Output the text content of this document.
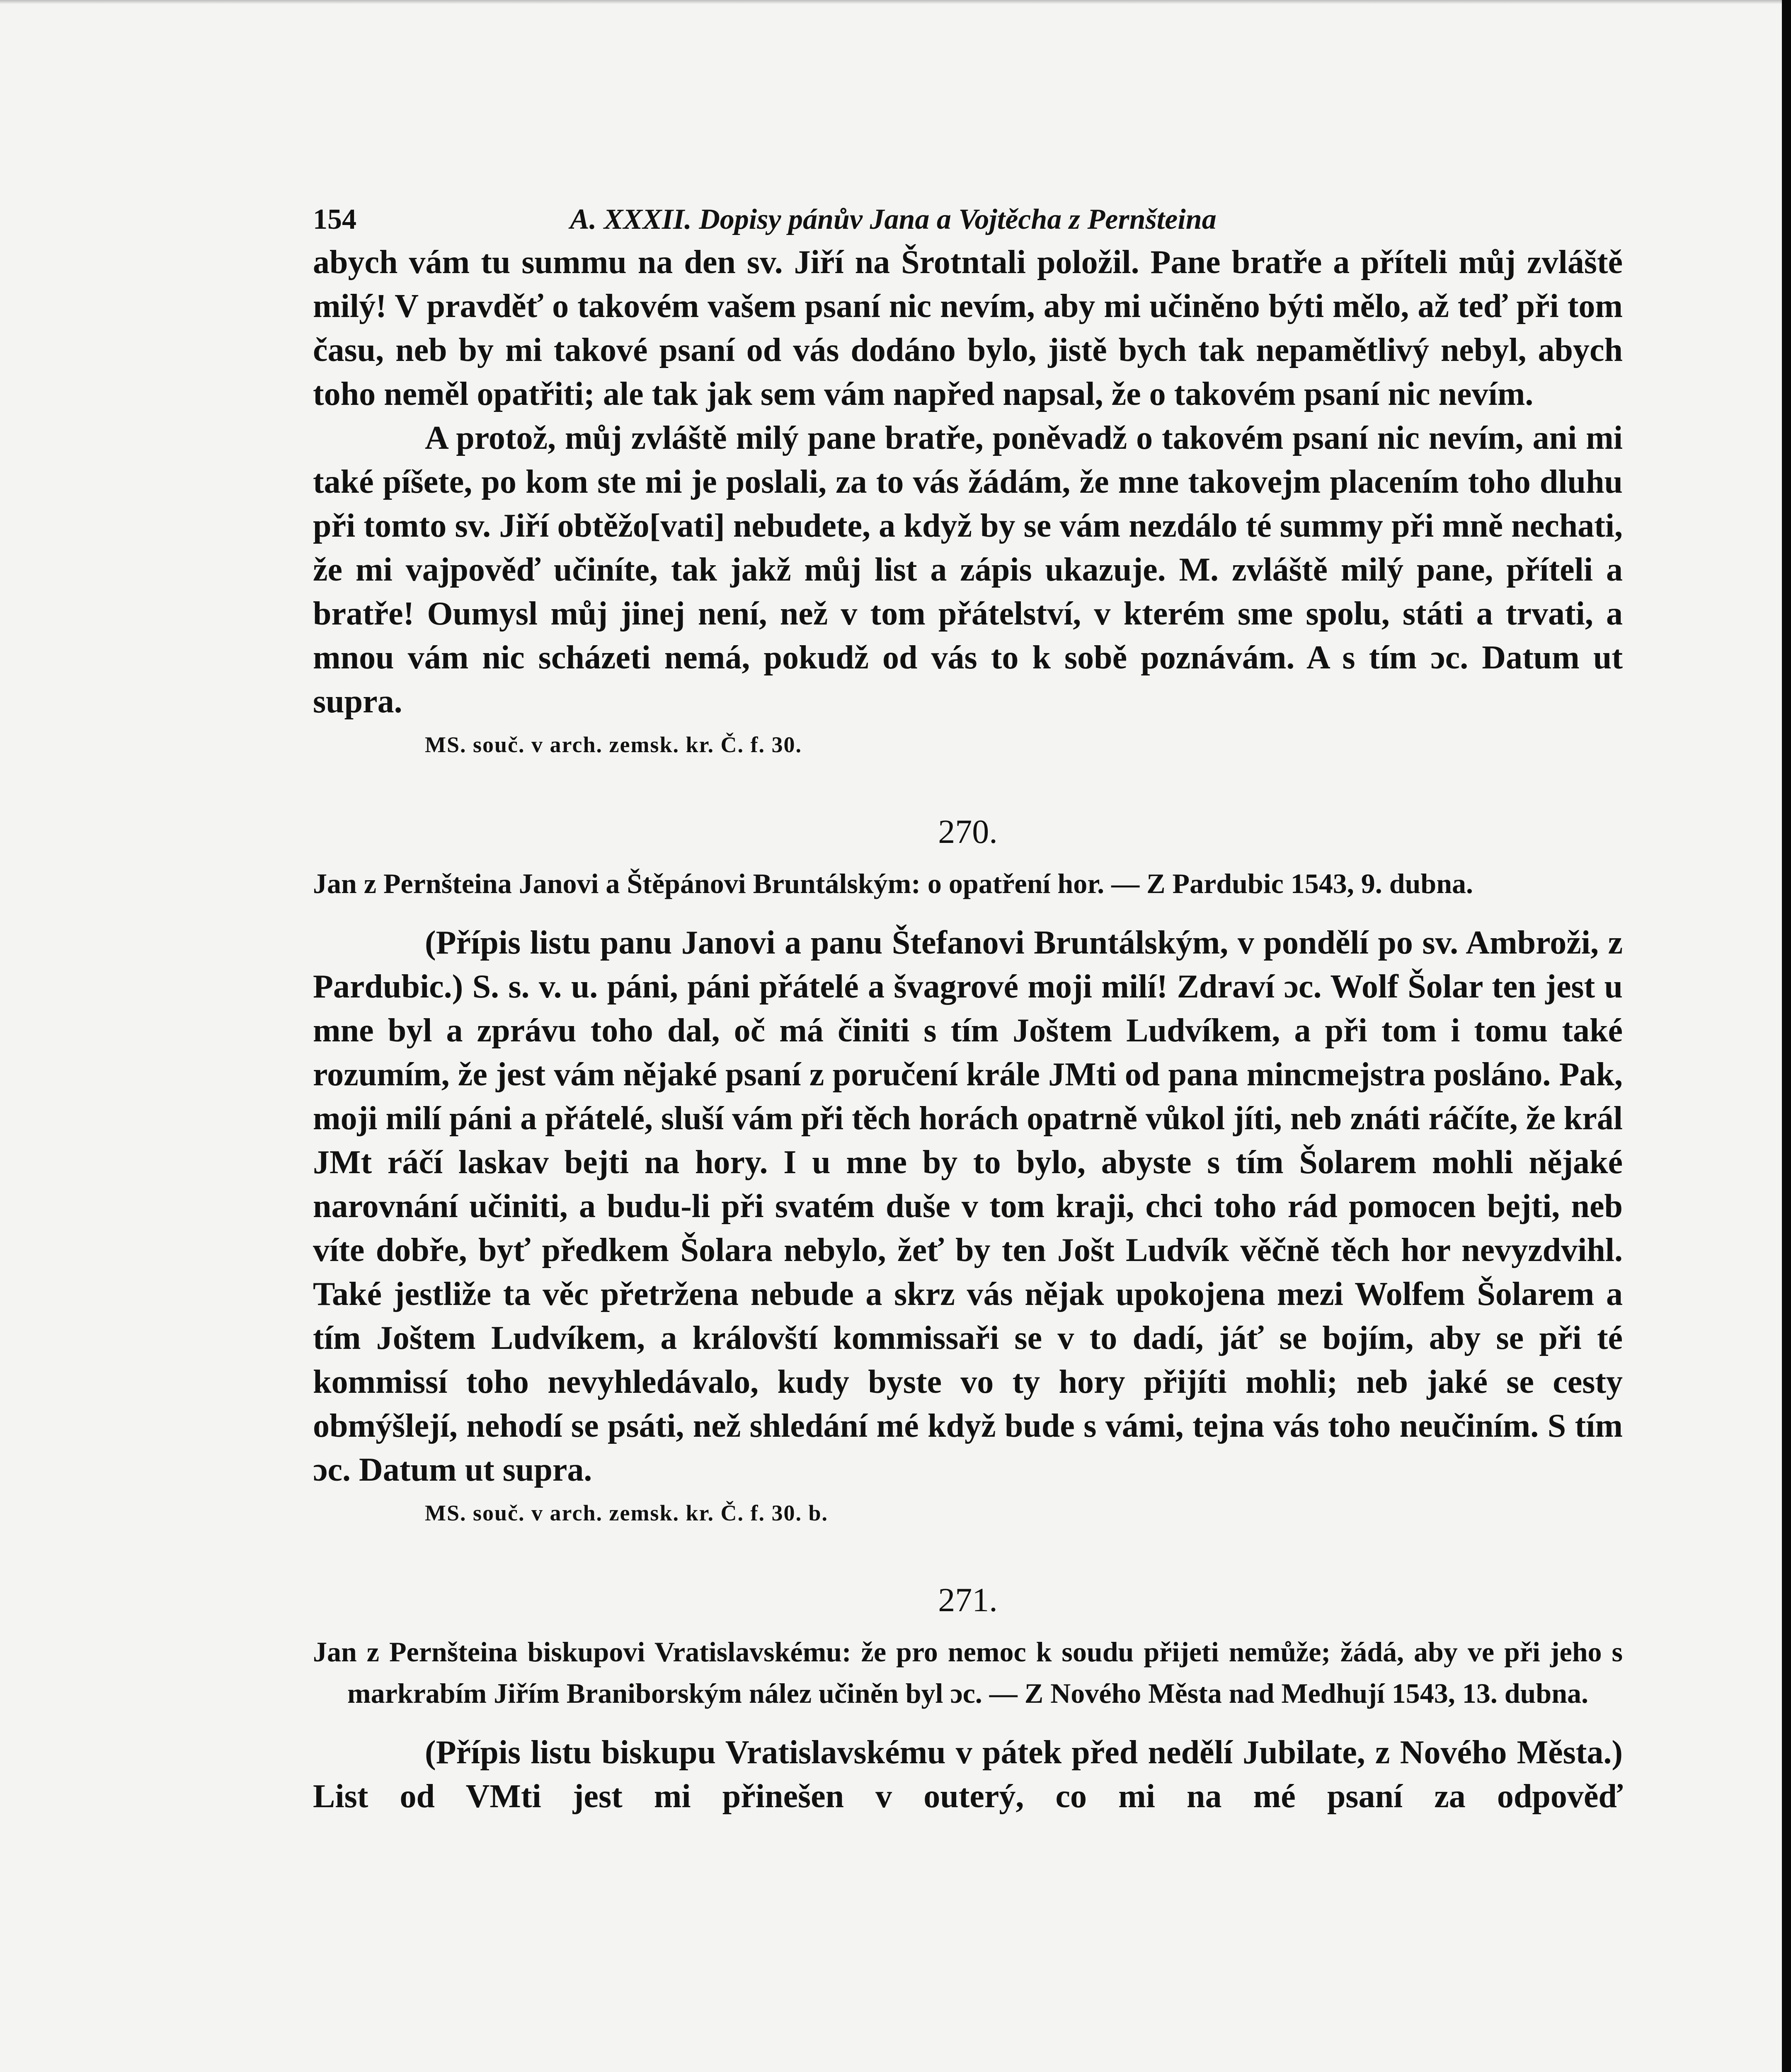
154	A. XXXII. Dopisy pánův Jana a Vojtěcha z Pernšteina

abych vám tu summu na den sv. Jiří na Šrotntali položil. Pane bratře a příteli můj zvláště milý! V pravděť o takovém vašem psaní nic nevím, aby mi učiněno býti mělo, až teď při tom času, neb by mi takové psaní od vás dodáno bylo, jistě bych tak nepamětlivý nebyl, abych toho neměl opatřiti; ale tak jak sem vám napřed napsal, že o takovém psaní nic nevím.

A protož, můj zvláště milý pane bratře, poněvadž o takovém psaní nic nevím, ani mi také píšete, po kom ste mi je poslali, za to vás žádám, že mne takovejm placením toho dluhu při tomto sv. Jiří obtěžo[vati] nebudete, a když by se vám nezdálo té summy při mně nechati, že mi vajpověď učiníte, tak jakž můj list a zápis ukazuje. M. zvláště milý pane, příteli a bratře! Oumysl můj jinej není, než v tom přátelství, v kterém sme spolu, státi a trvati, a mnou vám nic scházeti nemá, pokudž od vás to k sobě poznávám. A s tím ɔc. Datum ut supra.

MS. souč. v arch. zemsk. kr. Č. f. 30.
270.

Jan z Pernšteina Janovi a Štěpánovi Bruntálským: o opatření hor. — Z Pardubic 1543, 9. dubna.

(Přípis listu panu Janovi a panu Štefanovi Bruntálským, v pondělí po sv. Ambroži, z Pardubic.) S. s. v. u. páni, páni přátelé a švagrové moji milí! Zdraví ɔc. Wolf Šolar ten jest u mne byl a zprávu toho dal, oč má činiti s tím Joštem Ludvíkem, a při tom i tomu také rozumím, že jest vám nějaké psaní z poručení krále JMti od pana mincmejstra posláno. Pak, moji milí páni a přátelé, sluší vám při těch horách opatrně vůkol jíti, neb znáti ráčíte, že král JMt ráčí laskav bejti na hory. I u mne by to bylo, abyste s tím Šolarem mohli nějaké narovnání učiniti, a budu-li při svatém duše v tom kraji, chci toho rád pomocen bejti, neb víte dobře, byť předkem Šolara nebylo, žeť by ten Jošt Ludvík věčně těch hor nevyzdvihl. Také jestliže ta věc přetržena nebude a skrz vás nějak upokojena mezi Wolfem Šolarem a tím Joštem Ludvíkem, a královští kommissaři se v to dadí, jáť se bojím, aby se při té kommissí toho nevyhledávalo, kudy byste vo ty hory přijíti mohli; neb jaké se cesty obmýšlejí, nehodí se psáti, než shledání mé když bude s vámi, tejna vás toho neučiním. S tím ɔc. Datum ut supra.

MS. souč. v arch. zemsk. kr. Č. f. 30. b.
271.

Jan z Pernšteina biskupovi Vratislavskému: že pro nemoc k soudu přijeti nemůže; žádá, aby ve při jeho s markrabím Jiřím Braniborským nález učiněn byl ɔc. — Z Nového Města nad Medhují 1543, 13. dubna.

(Přípis listu biskupu Vratislavskému v pátek před nedělí Jubilate, z Nového Města.) List od VMti jest mi přinešen v outerý, co mi na mé psaní za odpověď
